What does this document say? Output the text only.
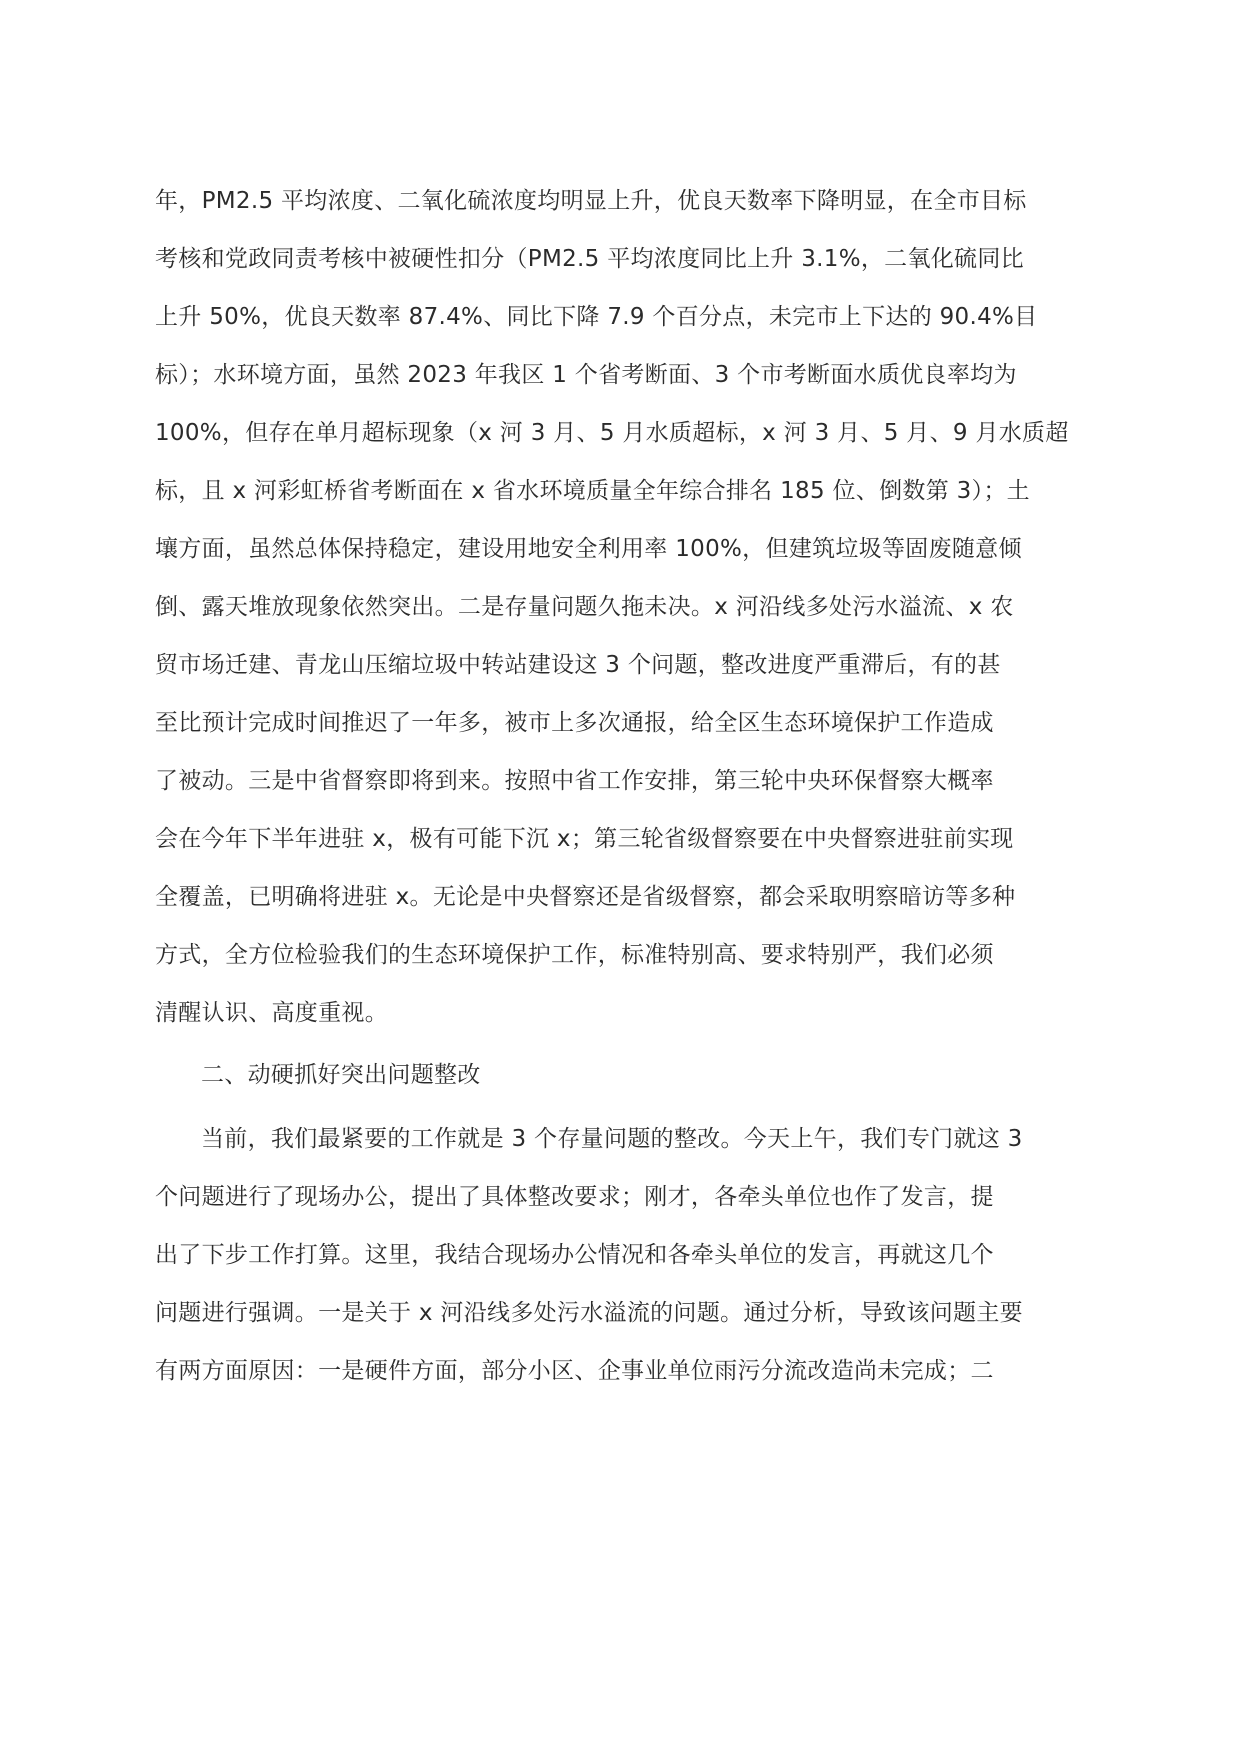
年，PM2.5 平均浓度、二氧化硫浓度均明显上升，优良天数率下降明显，在全市目标
考核和党政同责考核中被硬性扣分（PM2.5 平均浓度同比上升 3.1%，二氧化硫同比
上升 50%，优良天数率 87.4%、同比下降 7.9 个百分点，未完市上下达的 90.4%目
标）；水环境方面，虽然 2023 年我区 1 个省考断面、3 个市考断面水质优良率均为
100%，但存在单月超标现象（x 河 3 月、5 月水质超标，x 河 3 月、5 月、9 月水质超
标，且 x 河彩虹桥省考断面在 x 省水环境质量全年综合排名 185 位、倒数第 3）；土
壤方面，虽然总体保持稳定，建设用地安全利用率 100%，但建筑垃圾等固废随意倾
倒、露天堆放现象依然突出。二是存量问题久拖未决。x 河沿线多处污水溢流、x 农
贸市场迁建、青龙山压缩垃圾中转站建设这 3 个问题，整改进度严重滞后，有的甚
至比预计完成时间推迟了一年多，被市上多次通报，给全区生态环境保护工作造成
了被动。三是中省督察即将到来。按照中省工作安排，第三轮中央环保督察大概率
会在今年下半年进驻 x，极有可能下沉 x；第三轮省级督察要在中央督察进驻前实现
全覆盖，已明确将进驻 x。无论是中央督察还是省级督察，都会采取明察暗访等多种
方式，全方位检验我们的生态环境保护工作，标准特别高、要求特别严，我们必须
清醒认识、高度重视。
二、动硬抓好突出问题整改
当前，我们最紧要的工作就是 3 个存量问题的整改。今天上午，我们专门就这 3
个问题进行了现场办公，提出了具体整改要求；刚才，各牵头单位也作了发言，提
出了下步工作打算。这里，我结合现场办公情况和各牵头单位的发言，再就这几个
问题进行强调。一是关于 x 河沿线多处污水溢流的问题。通过分析，导致该问题主要
有两方面原因：一是硬件方面，部分小区、企事业单位雨污分流改造尚未完成；二
